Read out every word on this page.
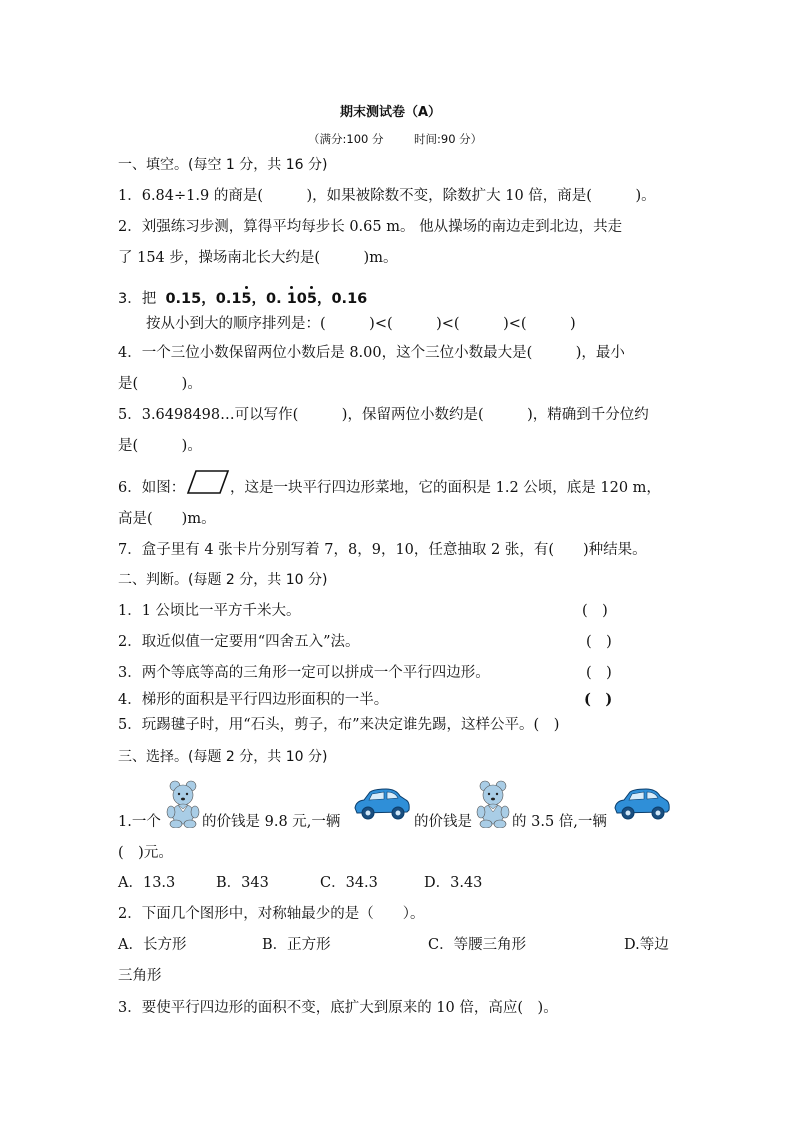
期末测试卷（A）
（满分:100 分	时间:90 分）
一、填空。(每空 1 分，共 16 分)
1．6.84÷1.9 的商是(　　　)，如果被除数不变，除数扩大 10 倍，商是(　　　)。
2．刘强练习步测，算得平均每步长 0.65 m。 他从操场的南边走到北边，共走
了 154 步，操场南北长大约是(　　　)m。
3．把 0.15，0.15，0. 105，0.16
按从小到大的顺序排列是：(　　　)<(　　　)<(　　　)<(　　　)
4．一个三位小数保留两位小数后是 8.00，这个三位小数最大是(　　　)，最小
是(　　　)。
5．3.6498498…可以写作(　　　)，保留两位小数约是(　　　)，精确到千分位约
是(　　　)。
6．如图：	，这是一块平行四边形菜地，它的面积是 1.2 公顷，底是 120 m，
高是(　　)m。
7．盒子里有 4 张卡片分别写着 7，8，9，10，任意抽取 2 张，有(　　)种结果。
二、判断。(每题 2 分，共 10 分)
1．1 公顷比一平方千米大。	(　)
2．取近似值一定要用“四舍五入”法。	(　)
3．两个等底等高的三角形一定可以拼成一个平行四边形。	(　)
4．梯形的面积是平行四边形面积的一半。	(　)
5．玩踢毽子时，用“石头，剪子，布”来决定谁先踢，这样公平。(　)
三、选择。(每题 2 分，共 10 分)
1.一个	的价钱是 9.8 元,一辆	的价钱是	的 3.5 倍,一辆
(　)元。
A．13.3	B．343	C．34.3	D．3.43
2．下面几个图形中，对称轴最少的是（　　）。
A．长方形	B．正方形	C．等腰三角形	D.等边
三角形
3．要使平行四边形的面积不变，底扩大到原来的 10 倍，高应(　)。
